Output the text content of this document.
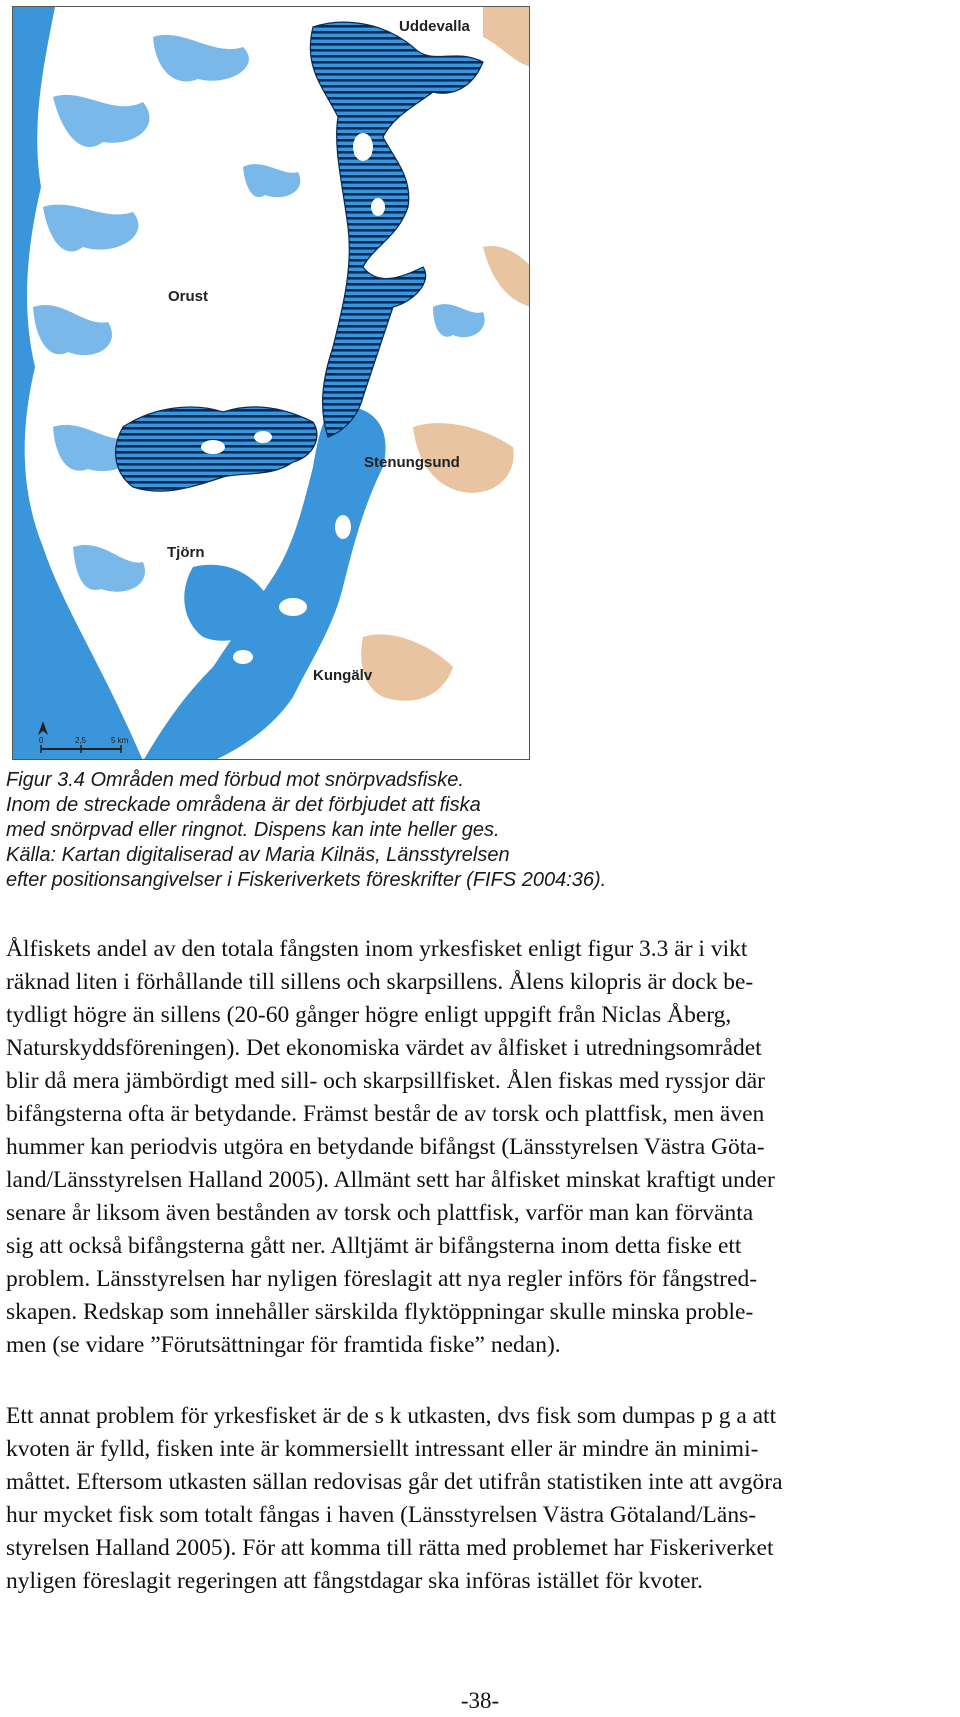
0	2,5	5 km
Uddevalla
Orust
Stenungsund
Tjörn
Kungälv
Figur 3.4 Områden med förbud mot snörpvadsfiske.
Inom de streckade områdena är det förbjudet att fiska
med snörpvad eller ringnot. Dispens kan inte heller ges.
Källa: Kartan digitaliserad av Maria Kilnäs, Länsstyrelsen
efter positionsangivelser i Fiskeriverkets föreskrifter (FIFS 2004:36).
Ålfiskets andel av den totala fångsten inom yrkesfisket enligt figur 3.3 är i vikt
räknad liten i förhållande till sillens och skarpsillens. Ålens kilopris är dock be-
tydligt högre än sillens (20-60 gånger högre enligt uppgift från Niclas Åberg,
Naturskyddsföreningen). Det ekonomiska värdet av ålfisket i utredningsområdet
blir då mera jämbördigt med sill- och skarpsillfisket. Ålen fiskas med ryssjor där
bifångsterna ofta är betydande. Främst består de av torsk och plattfisk, men även
hummer kan periodvis utgöra en betydande bifångst (Länsstyrelsen Västra Göta-
land/Länsstyrelsen Halland 2005). Allmänt sett har ålfisket minskat kraftigt under
senare år liksom även bestånden av torsk och plattfisk, varför man kan förvänta
sig att också bifångsterna gått ner. Alltjämt är bifångsterna inom detta fiske ett
problem. Länsstyrelsen har nyligen föreslagit att nya regler införs för fångstred-
skapen. Redskap som innehåller särskilda flyktöppningar skulle minska proble-
men (se vidare ”Förutsättningar för framtida fiske” nedan).
Ett annat problem för yrkesfisket är de s k utkasten, dvs fisk som dumpas p g a att
kvoten är fylld, fisken inte är kommersiellt intressant eller är mindre än minimi-
måttet. Eftersom utkasten sällan redovisas går det utifrån statistiken inte att avgöra
hur mycket fisk som totalt fångas i haven (Länsstyrelsen Västra Götaland/Läns-
styrelsen Halland 2005). För att komma till rätta med problemet har Fiskeriverket
nyligen föreslagit regeringen att fångstdagar ska införas istället för kvoter.
-38-
